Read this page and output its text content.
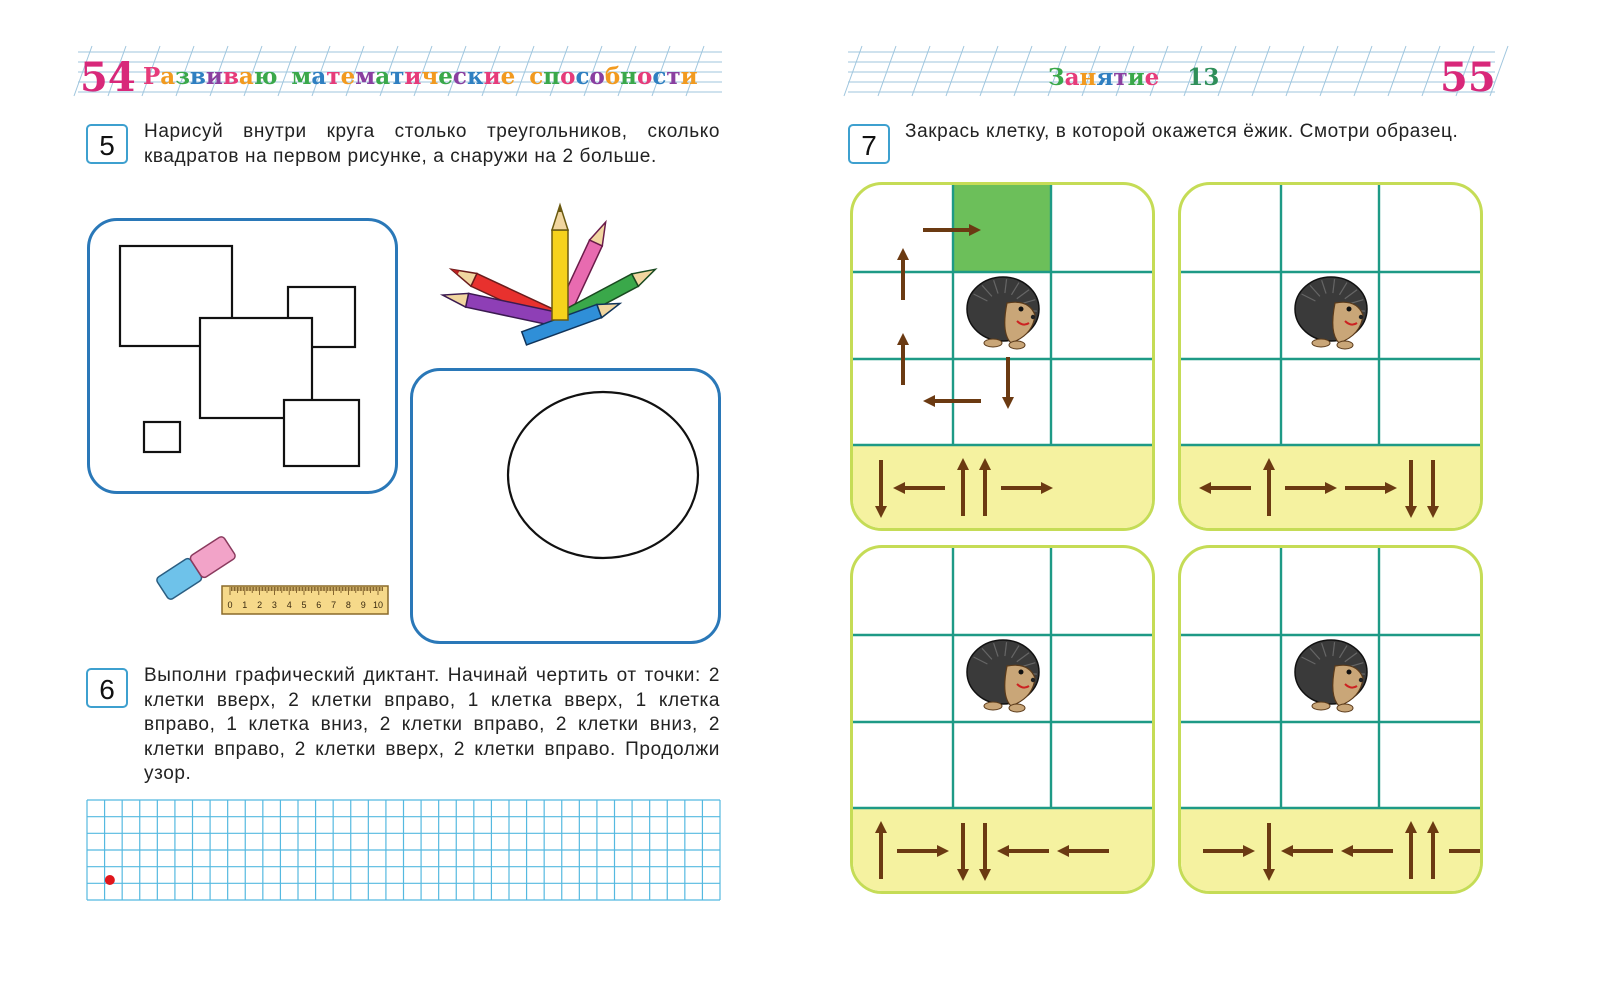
54 Развиваю математические способности
5	Нарисуй внутри круга столько треугольников, сколько квадратов на первом рисунке, а снаружи на 2 больше.
0 1 2 3 4 5 6 7 8 9 10
6	Выполни графический диктант. Начинай чертить от точки: 2 клетки вверх, 2 клетки вправо, 1 клетка вверх, 1 клетка вправо, 1 клетка вниз, 2 клетки вправо, 2 клетки вниз, 2 клетки вправо, 2 клетки вверх, 2 клетки вправо. Продолжи узор.
Занятие 13	55
7	Закрась клетку, в которой окажется ёжик. Смотри образец.
